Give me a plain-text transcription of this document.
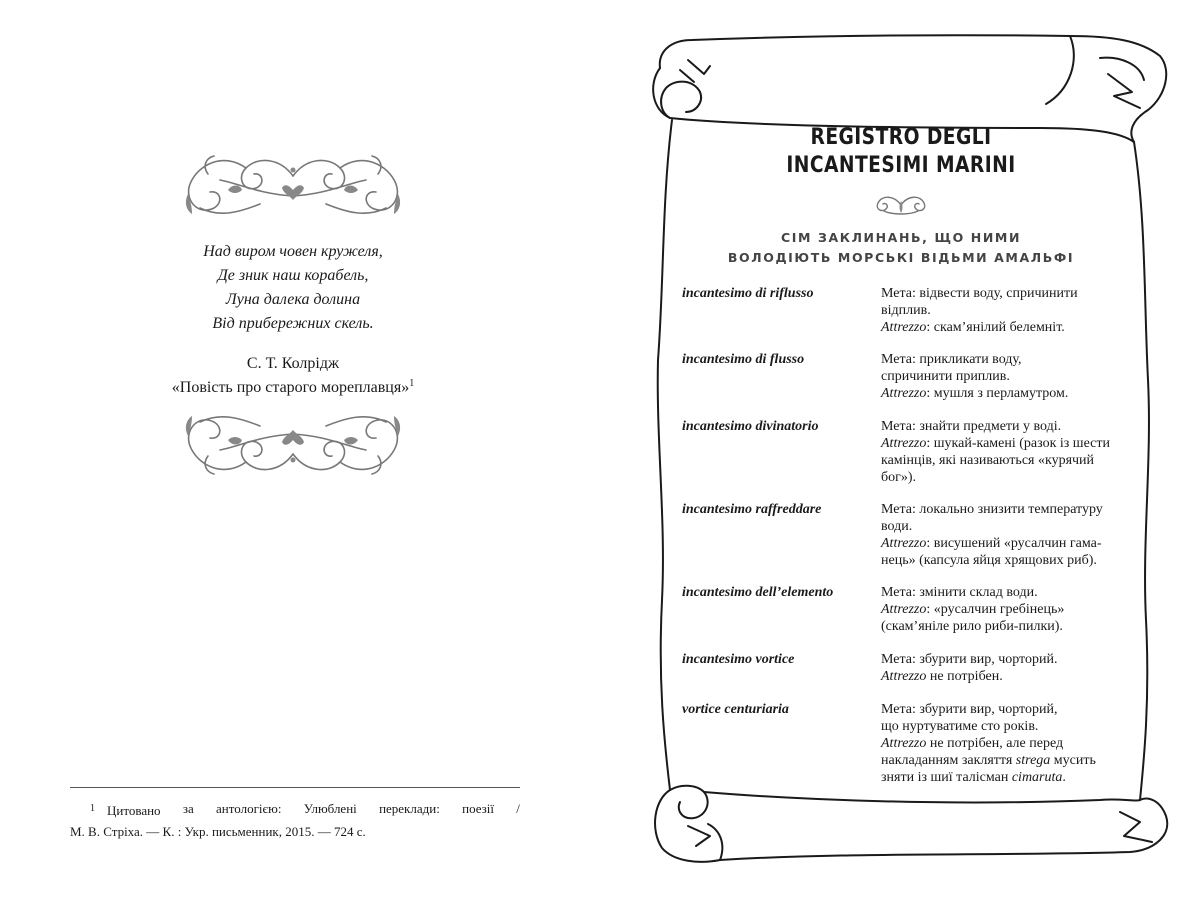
Над виром човен кружеля,
Де зник наш корабель,
Луна далека долина
Від прибережних скель.
С. Т. Колрідж
«Повість про старого мореплавця»$^1$
$^1$ Цитовано за антологією: Улюблені переклади: поезії /
М. В. Стріха. — К. : Укр. письменник, 2015. — 724 с.
REGISTRO DEGLI
INCANTESIMI MARINI
СІМ ЗАКЛИНАНЬ, ЩО НИМИ
ВОЛОДІЮТЬ МОРСЬКІ ВІДЬМИ АМАЛЬФІ
incantesimo di riflusso	Мета: відвести воду, спричинити
відплив.
Attrezzo: скам’янілий белемніт.
incantesimo di flusso	Мета: прикликати воду,
спричинити приплив.
Attrezzo: мушля з перламутром.
incantesimo divinatorio	Мета: знайти предмети у воді.
Attrezzo: шукай-камені (разок із шести
камінців, які називаються «курячий
бог»).
incantesimo raffreddare	Мета: локально знизити температуру
води.
Attrezzo: висушений «русалчин гама-
нець» (капсула яйця хрящових риб).
incantesimo dell’elemento	Мета: змінити склад води.
Attrezzo: «русалчин гребінець»
(скам’яніле рило риби-пилки).
incantesimo vortice	Мета: збурити вир, чорторий.
Attrezzo не потрібен.
vortice centuriaria	Мета: збурити вир, чорторий,
що нуртуватиме сто років.
Attrezzo не потрібен, але перед
накладанням закляття strega мусить
зняти із шиї талісман cimaruta.
